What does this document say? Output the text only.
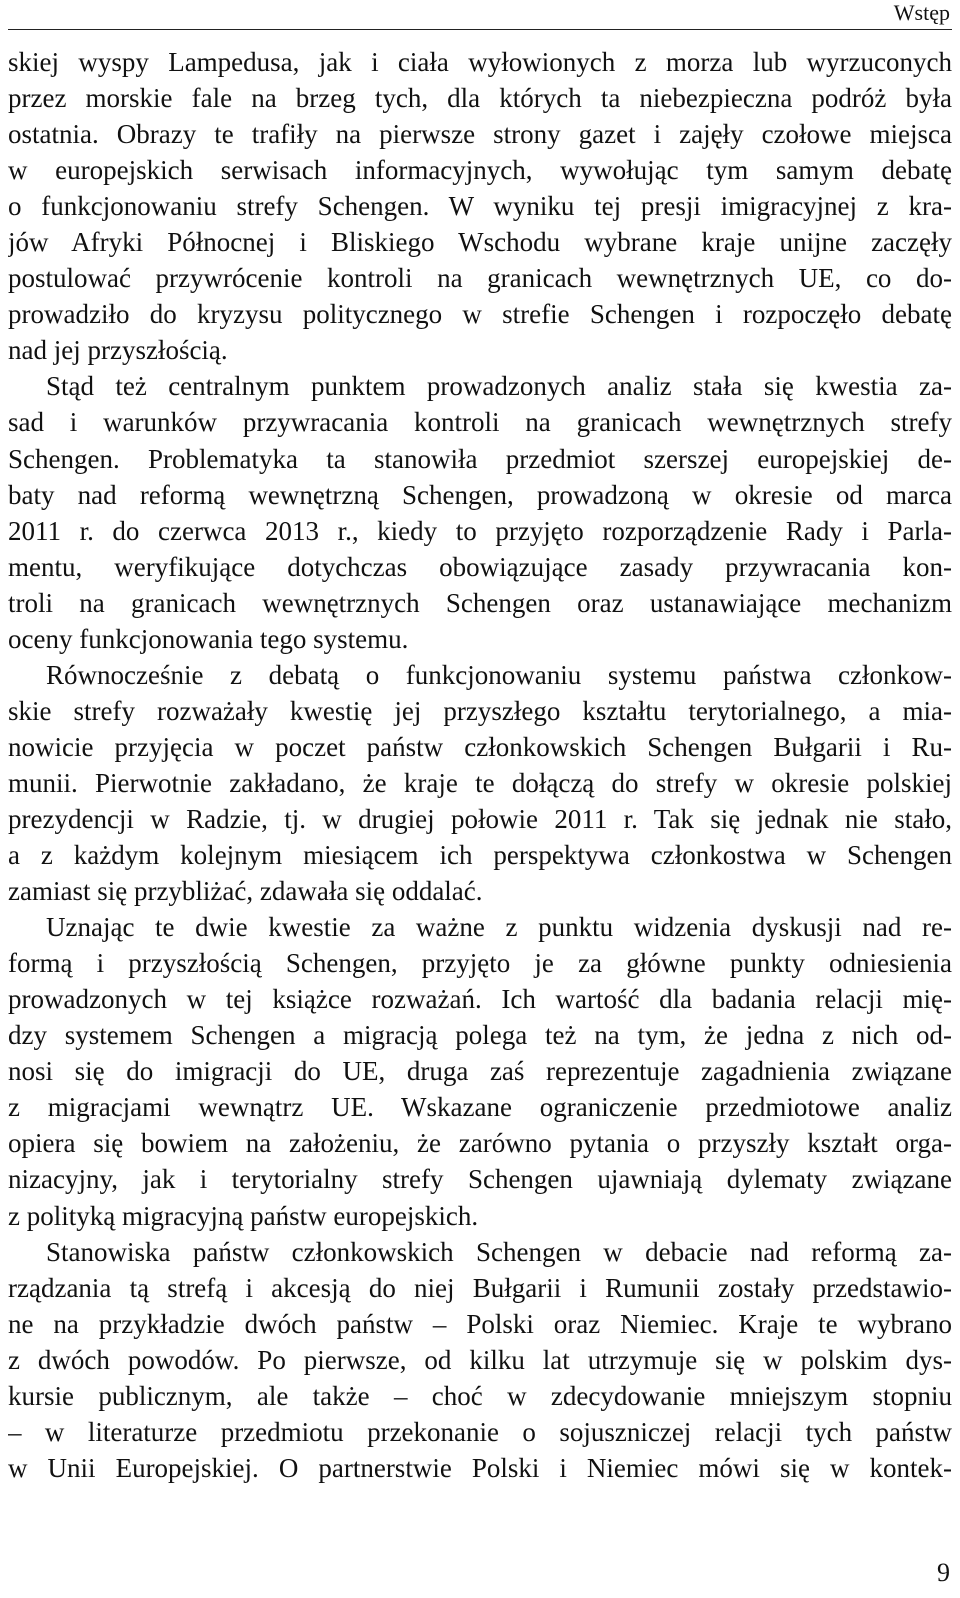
Wstęp
skiej wyspy Lampedusa, jak i ciała wyłowionych z morza lub wyrzuconych
przez morskie fale na brzeg tych, dla których ta niebezpieczna podróż była
ostatnia. Obrazy te trafiły na pierwsze strony gazet i zajęły czołowe miejsca
w europejskich serwisach informacyjnych, wywołując tym samym debatę
o funkcjonowaniu strefy Schengen. W wyniku tej presji imigracyjnej z kra-
jów Afryki Północnej i Bliskiego Wschodu wybrane kraje unijne zaczęły
postulować przywrócenie kontroli na granicach wewnętrznych UE, co do-
prowadziło do kryzysu politycznego w strefie Schengen i rozpoczęło debatę
nad jej przyszłością.
Stąd też centralnym punktem prowadzonych analiz stała się kwestia za-
sad i warunków przywracania kontroli na granicach wewnętrznych strefy
Schengen. Problematyka ta stanowiła przedmiot szerszej europejskiej de-
baty nad reformą wewnętrzną Schengen, prowadzoną w okresie od marca
2011 r. do czerwca 2013 r., kiedy to przyjęto rozporządzenie Rady i Parla-
mentu, weryfikujące dotychczas obowiązujące zasady przywracania kon-
troli na granicach wewnętrznych Schengen oraz ustanawiające mechanizm
oceny funkcjonowania tego systemu.
Równocześnie z debatą o funkcjonowaniu systemu państwa członkow-
skie strefy rozważały kwestię jej przyszłego kształtu terytorialnego, a mia-
nowicie przyjęcia w poczet państw członkowskich Schengen Bułgarii i Ru-
munii. Pierwotnie zakładano, że kraje te dołączą do strefy w okresie polskiej
prezydencji w Radzie, tj. w drugiej połowie 2011 r. Tak się jednak nie stało,
a z każdym kolejnym miesiącem ich perspektywa członkostwa w Schengen
zamiast się przybliżać, zdawała się oddalać.
Uznając te dwie kwestie za ważne z punktu widzenia dyskusji nad re-
formą i przyszłością Schengen, przyjęto je za główne punkty odniesienia
prowadzonych w tej książce rozważań. Ich wartość dla badania relacji mię-
dzy systemem Schengen a migracją polega też na tym, że jedna z nich od-
nosi się do imigracji do UE, druga zaś reprezentuje zagadnienia związane
z migracjami wewnątrz UE. Wskazane ograniczenie przedmiotowe analiz
opiera się bowiem na założeniu, że zarówno pytania o przyszły kształt orga-
nizacyjny, jak i terytorialny strefy Schengen ujawniają dylematy związane
z polityką migracyjną państw europejskich.
Stanowiska państw członkowskich Schengen w debacie nad reformą za-
rządzania tą strefą i akcesją do niej Bułgarii i Rumunii zostały przedstawio-
ne na przykładzie dwóch państw – Polski oraz Niemiec. Kraje te wybrano
z dwóch powodów. Po pierwsze, od kilku lat utrzymuje się w polskim dys-
kursie publicznym, ale także – choć w zdecydowanie mniejszym stopniu
– w literaturze przedmiotu przekonanie o sojuszniczej relacji tych państw
w Unii Europejskiej. O partnerstwie Polski i Niemiec mówi się w kontek-
9
